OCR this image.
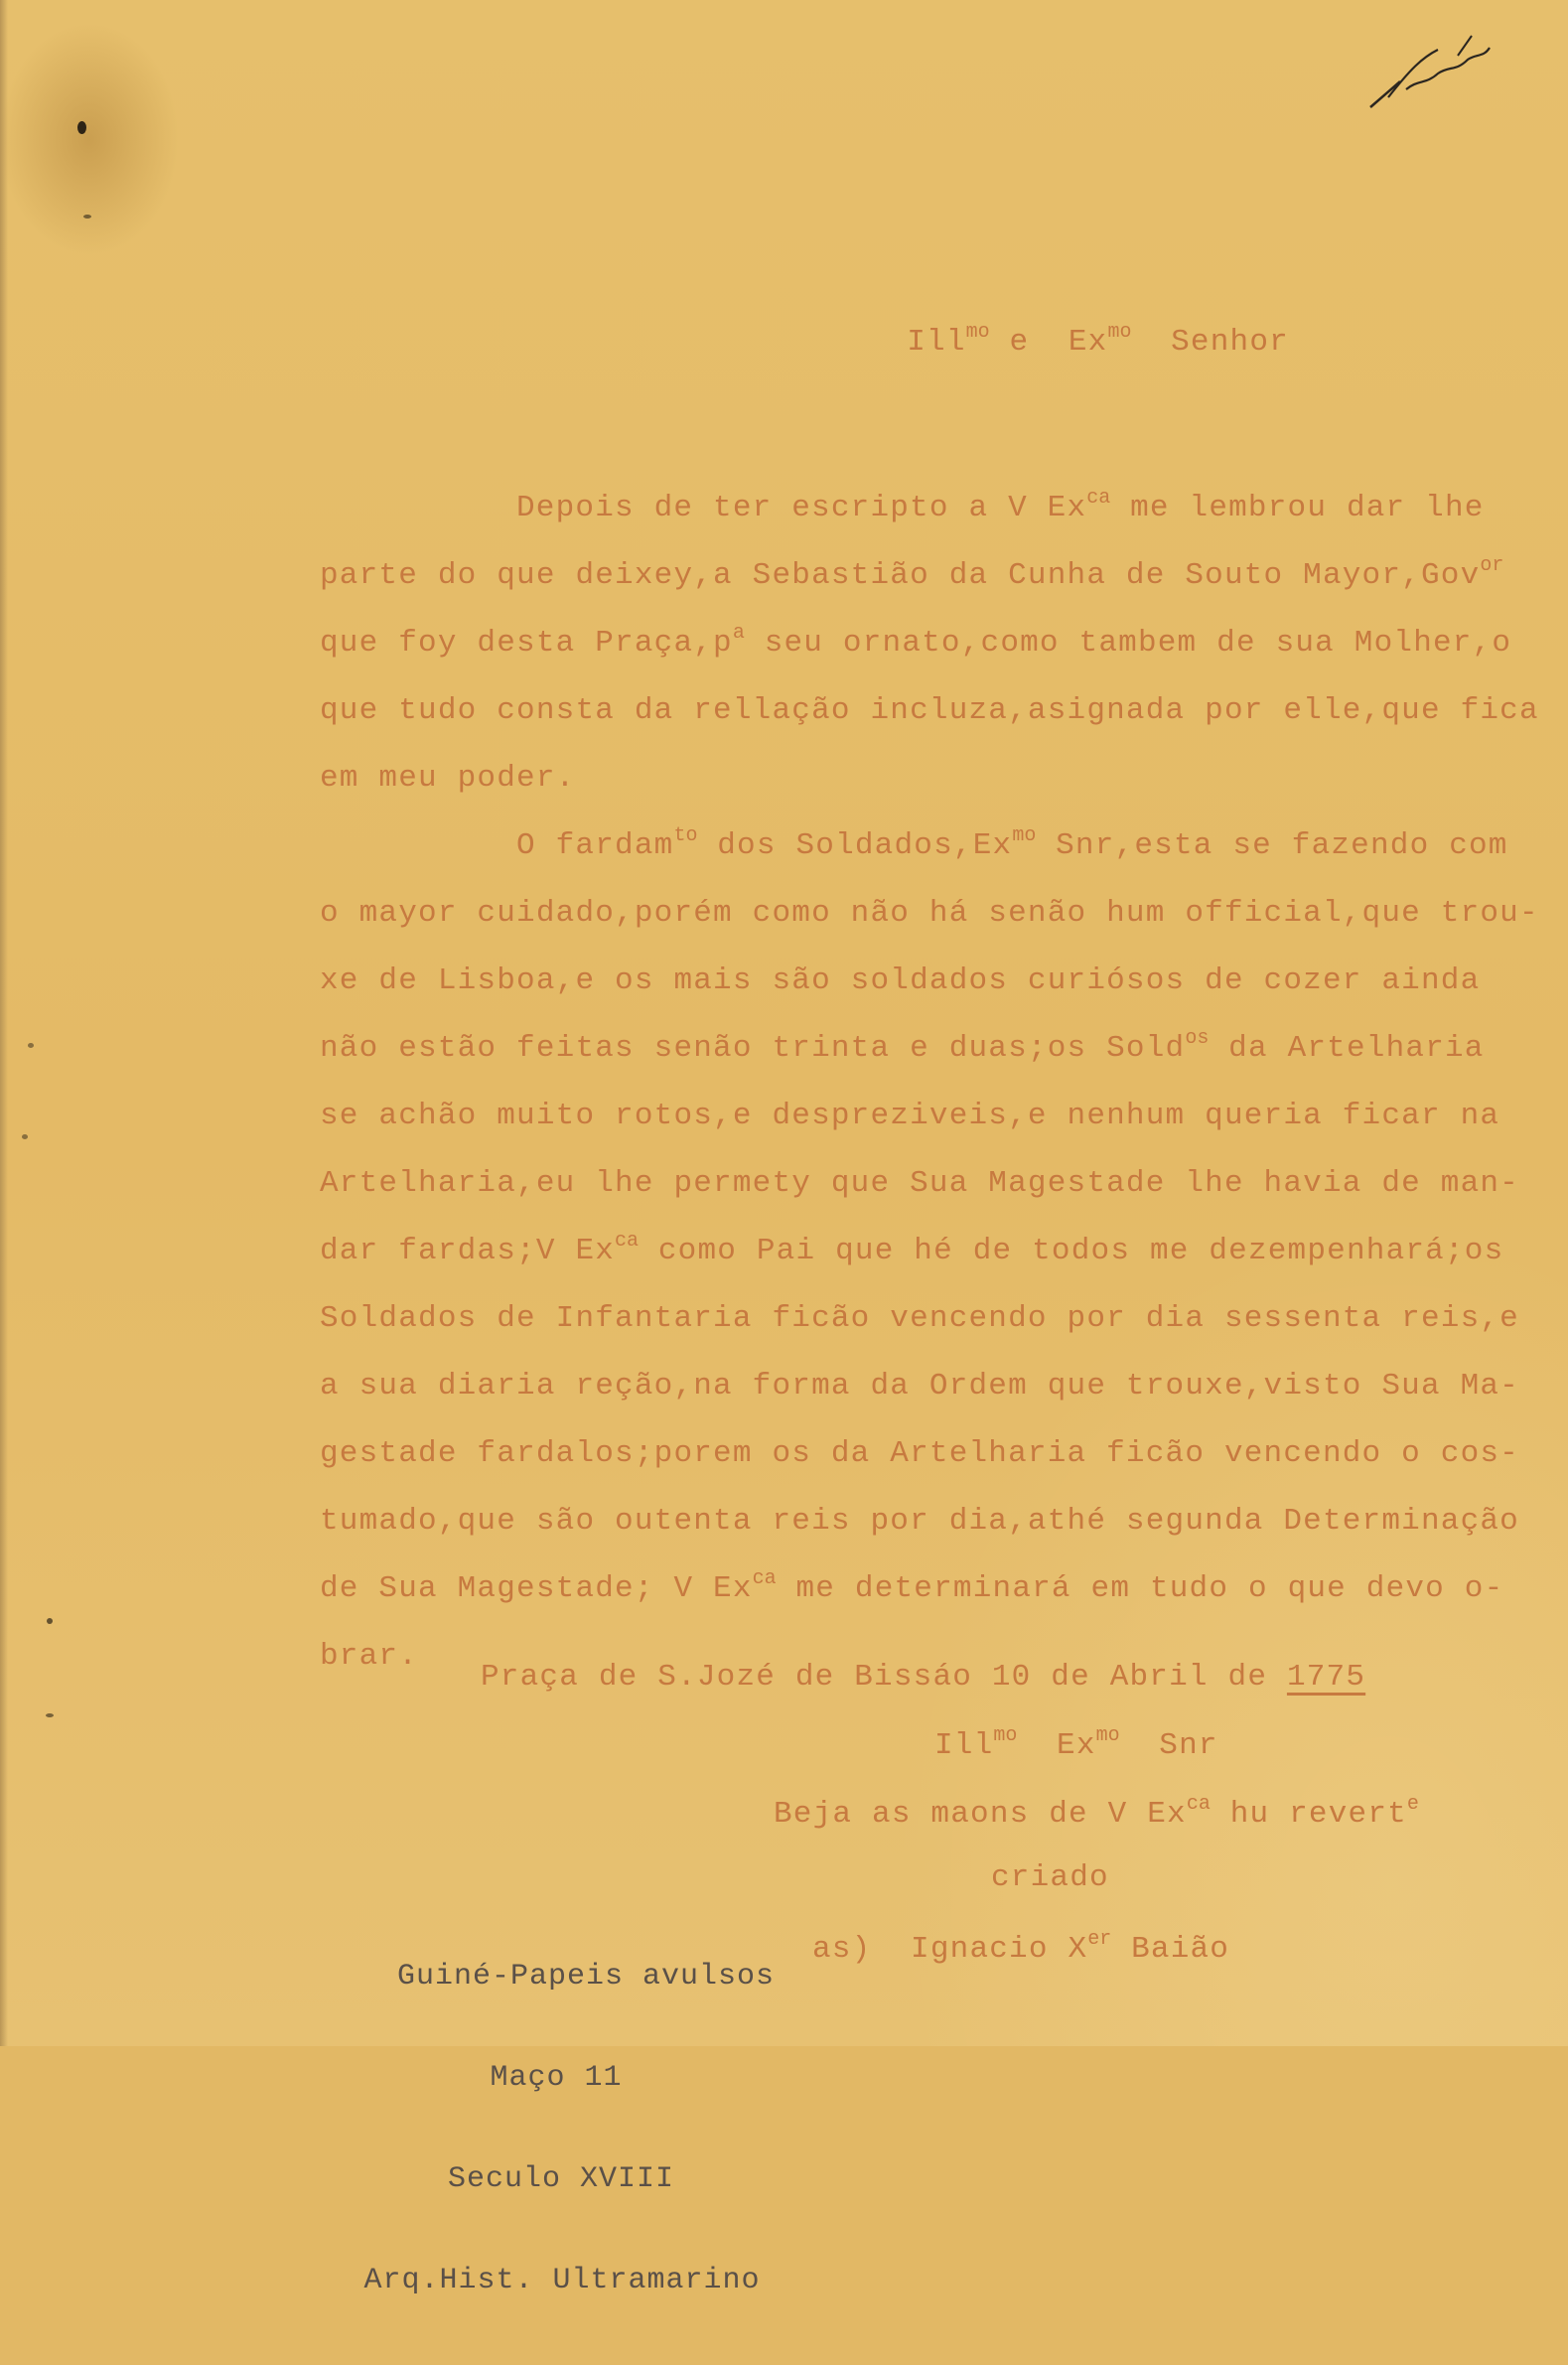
Ill$^{mo}$ e  $Ex^{mo}$  Senhor

Depois de ter escripto a V $Ex^{ca}$ me lembrou dar lhe
parte do que deixey,a Sebastião da Cunha de Souto Mayor,Gov$^{or}$
que foy desta $Praça,p^a$ seu ornato,como tambem de sua Molher,o
que tudo consta da rellação incluza,asignada por elle,que fica
em meu poder.
O fardam$^{to}$ dos $Soldados,Ex^{mo}$ Snr,esta se fazendo com
o mayor cuidado,porém como não há senão hum official,que trou-
xe de Lisboa,e os mais são soldados curiósos de cozer ainda
não estão feitas senão trinta e duas;os Sold$^{os}$ da Artelharia
se achão muito rotos,e despreziveis,e nenhum queria ficar na
Artelharia,eu lhe permety que Sua Magestade lhe havia de man-
dar fardas;V $Ex^{ca}$ como Pai que hé de todos me dezempenhará;os
Soldados de Infantaria ficão vencendo por dia sessenta reis,e
a sua diaria reção,na forma da Ordem que trouxe,visto Sua Ma-
gestade fardalos;porem os da Artelharia ficão vencendo o cos-
tumado,que são outenta reis por dia,athé segunda Determinação
de Sua Magestade; V $Ex^{ca}$ me determinará em tudo o que devo o-
brar.
Praça de S.Jozé de Bissáo 10 de Abril de 1775
Ill$^{mo}$  $Ex^{mo}$  Snr
Beja as maons de V $Ex^{ca}$ hu revert$^e$
criado
as) Ignacio Xer Baião

Guiné-Papeis avulsos

Maço 11

Seculo XVIII

Arq.Hist. Ultramarino
